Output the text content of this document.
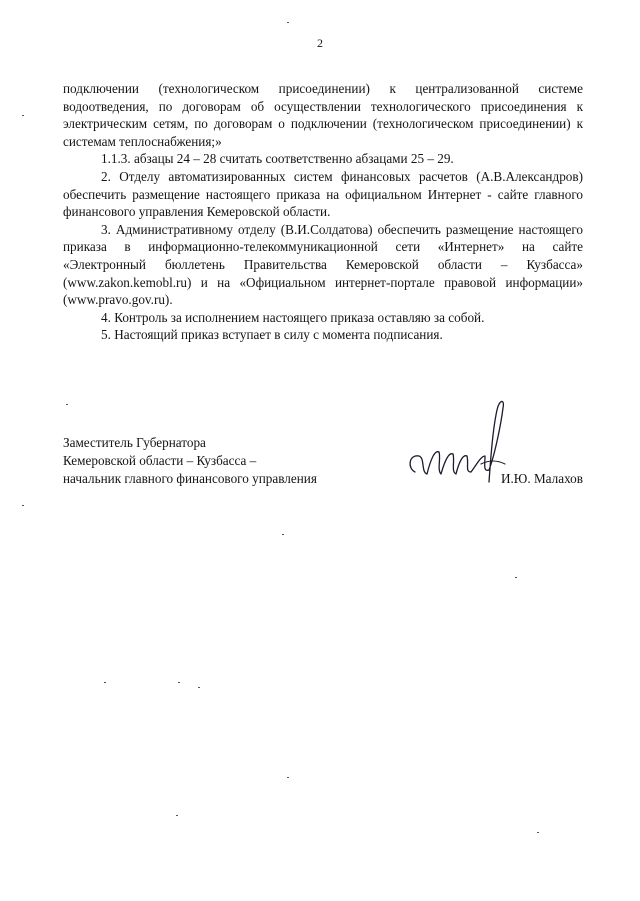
2

подключении (технологическом присоединении) к централизованной системе водоотведения, по договорам об осуществлении технологического присоединения к электрическим сетям, по договорам о подключении (технологическом присоединении) к системам теплоснабжения;»

1.1.3. абзацы 24 – 28 считать соответственно абзацами 25 – 29.

2. Отделу автоматизированных систем финансовых расчетов (А.В.Александров) обеспечить размещение настоящего приказа на официальном Интернет - сайте главного финансового управления Кемеровской области.

3. Административному отделу (В.И.Солдатова) обеспечить размещение настоящего приказа в информационно-телекоммуникационной сети «Интернет» на сайте «Электронный бюллетень Правительства Кемеровской области – Кузбасса» (www.zakon.kemobl.ru) и на «Официальном интернет-портале правовой информации» (www.pravo.gov.ru).

4. Контроль за исполнением настоящего приказа оставляю за собой.

5. Настоящий приказ вступает в силу с момента подписания.

Заместитель Губернатора
Кемеровской области – Кузбасса –
начальник главного финансового управления	И.Ю. Малахов
